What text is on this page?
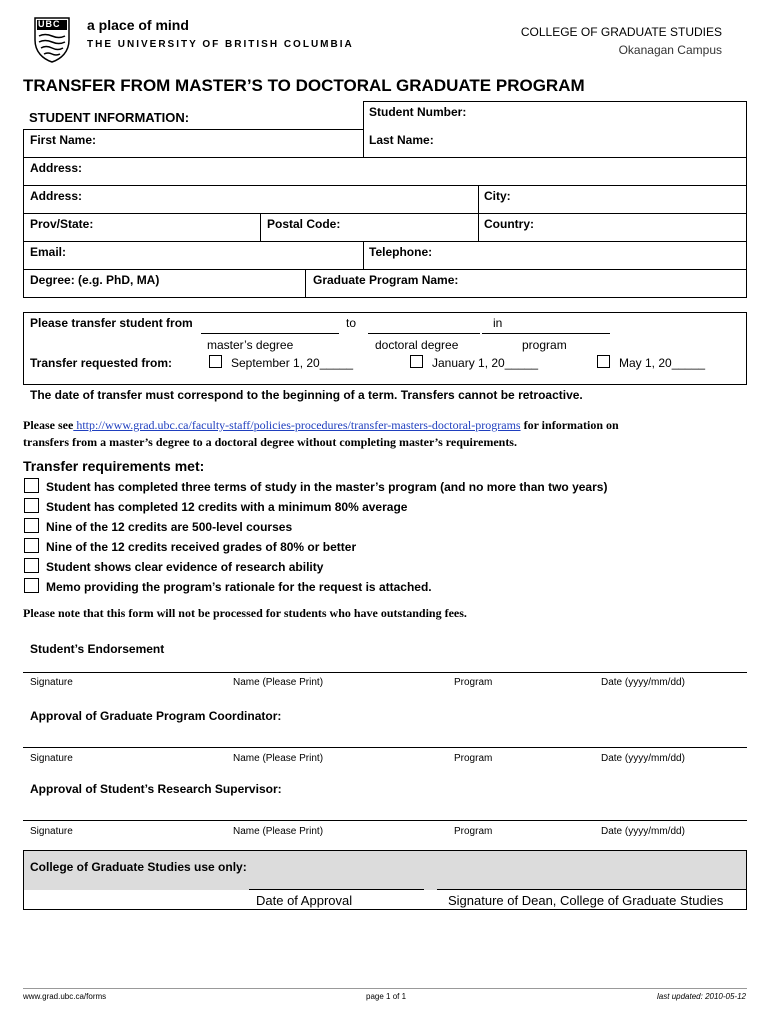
UBC a place of mind
THE UNIVERSITY OF BRITISH COLUMBIA
COLLEGE OF GRADUATE STUDIES
Okanagan Campus
TRANSFER FROM MASTER’S TO DOCTORAL GRADUATE PROGRAM
STUDENT INFORMATION:	Student Number:
First Name:	Last Name:
Address:
Address:	City:
Prov/State:	Postal Code:	Country:
Email:	Telephone:
Degree: (e.g. PhD, MA)	Graduate Program Name:
Please transfer student from	to	in
master’s degree	doctoral degree	program
Transfer requested from:	September 1, 20_____	January 1, 20_____	May 1, 20_____
The date of transfer must correspond to the beginning of a term. Transfers cannot be retroactive.
Please see http://www.grad.ubc.ca/faculty-staff/policies-procedures/transfer-masters-doctoral-programs for information on
transfers from a master’s degree to a doctoral degree without completing master’s requirements.
Transfer requirements met:
Student has completed three terms of study in the master’s program (and no more than two years)
Student has completed 12 credits with a minimum 80% average
Nine of the 12 credits are 500-level courses
Nine of the 12 credits received grades of 80% or better
Student shows clear evidence of research ability
Memo providing the program’s rationale for the request is attached.
Please note that this form will not be processed for students who have outstanding fees.
Student’s Endorsement
Signature	Name (Please Print)	Program	Date (yyyy/mm/dd)
Approval of Graduate Program Coordinator:
Signature	Name (Please Print)	Program	Date (yyyy/mm/dd)
Approval of Student’s Research Supervisor:
Signature	Name (Please Print)	Program	Date (yyyy/mm/dd)
College of Graduate Studies use only:
Date of Approval	Signature of Dean, College of Graduate Studies
www.grad.ubc.ca/forms	page 1 of 1	last updated: 2010-05-12
